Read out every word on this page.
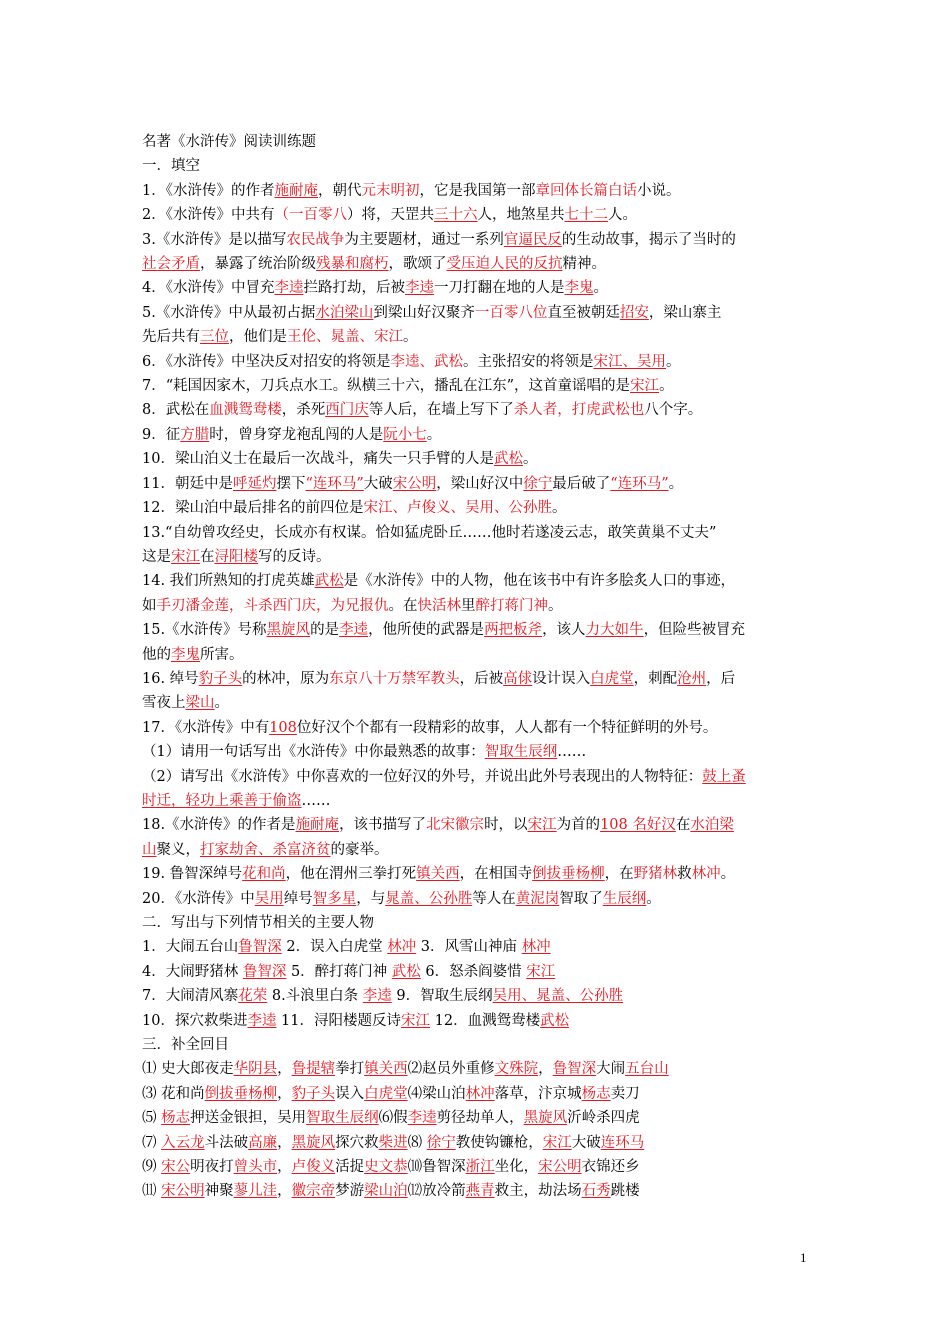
名著《水浒传》阅读训练题
一．填空
1．《水浒传》的作者施耐庵，朝代元末明初，它是我国第一部章回体长篇白话小说。
2．《水浒传》中共有（一百零八）将，天罡共三十六人，地煞星共七十二人。
3.《水浒传》是以描写农民战争为主要题材，通过一系列官逼民反的生动故事，揭示了当时的
社会矛盾，暴露了统治阶级残暴和腐朽，歌颂了受压迫人民的反抗精神。
4．《水浒传》中冒充李逵拦路打劫，后被李逵一刀打翻在地的人是李鬼。
5.《水浒传》中从最初占据水泊梁山到梁山好汉聚齐一百零八位直至被朝廷招安，梁山寨主
先后共有三位，他们是王伦、晁盖、宋江。
6．《水浒传》中坚决反对招安的将领是李逵、武松。主张招安的将领是宋江、吴用。
7．“耗国因家木，刀兵点水工。纵横三十六，播乱在江东”，这首童谣唱的是宋江。
8．武松在血溅鸳鸯楼，杀死西门庆等人后，在墙上写下了杀人者，打虎武松也八个字。
9．征方腊时，曾身穿龙袍乱闯的人是阮小七。
10．梁山泊义士在最后一次战斗，痛失一只手臂的人是武松。
11．朝廷中是呼延灼摆下“连环马”大破宋公明，梁山好汉中徐宁最后破了“连环马”。
12．梁山泊中最后排名的前四位是宋江、卢俊义、吴用、公孙胜。
13.“自幼曾攻经史，长成亦有权谋。恰如猛虎卧丘……他时若遂凌云志，敢笑黄巢不丈夫”
这是宋江在浔阳楼写的反诗。
14. 我们所熟知的打虎英雄武松是《水浒传》中的人物，他在该书中有许多脍炙人口的事迹，
如手刃潘金莲，斗杀西门庆，为兄报仇。在快活林里醉打蒋门神。
15.《水浒传》号称黑旋风的是李逵，他所使的武器是两把板斧，该人力大如牛，但险些被冒充
他的李鬼所害。
16. 绰号豹子头的林冲，原为东京八十万禁军教头，后被高俅设计误入白虎堂，刺配沧州，后
雪夜上梁山。
17．《水浒传》中有108位好汉个个都有一段精彩的故事，人人都有一个特征鲜明的外号。
（1）请用一句话写出《水浒传》中你最熟悉的故事：智取生辰纲……
（2）请写出《水浒传》中你喜欢的一位好汉的外号，并说出此外号表现出的人物特征：鼓上蚤
时迁，轻功上乘善于偷盗……
18.《水浒传》的作者是施耐庵，该书描写了北宋徽宗时，以宋江为首的108 名好汉在水泊梁
山聚义，打家劫舍、杀富济贫的豪举。
19. 鲁智深绰号花和尚，他在渭州三拳打死镇关西，在相国寺倒拔垂杨柳，在野猪林救林冲。
20．《水浒传》中吴用绰号智多星，与晁盖、公孙胜等人在黄泥岗智取了生辰纲。
二．写出与下列情节相关的主要人物
1．大闹五台山鲁智深 2．误入白虎堂 林冲 3．风雪山神庙 林冲
4．大闹野猪林 鲁智深 5．醉打蒋门神 武松 6．怒杀阎婆惜 宋江
7．大闹清风寨花荣 8.斗浪里白条 李逵 9．智取生辰纲吴用、晁盖、公孙胜
10．探穴救柴进李逵 11．浔阳楼题反诗宋江 12．血溅鸳鸯楼武松
三．补全回目
⑴ 史大郎夜走华阴县，鲁提辖拳打镇关西⑵赵员外重修文殊院，鲁智深大闹五台山
⑶ 花和尚倒拔垂杨柳，豹子头误入白虎堂⑷梁山泊林冲落草，汴京城杨志卖刀
⑸ 杨志押送金银担，吴用智取生辰纲⑹假李逵剪径劫单人，黑旋风沂岭杀四虎
⑺ 入云龙斗法破高廉，黑旋风探穴救柴进⑻ 徐宁教使钩镰枪，宋江大破连环马
⑼ 宋公明夜打曾头市，卢俊义活捉史文恭⑽鲁智深浙江坐化，宋公明衣锦还乡
⑾ 宋公明神聚蓼儿洼，徽宗帝梦游梁山泊⑿放冷箭燕青救主，劫法场石秀跳楼
1
